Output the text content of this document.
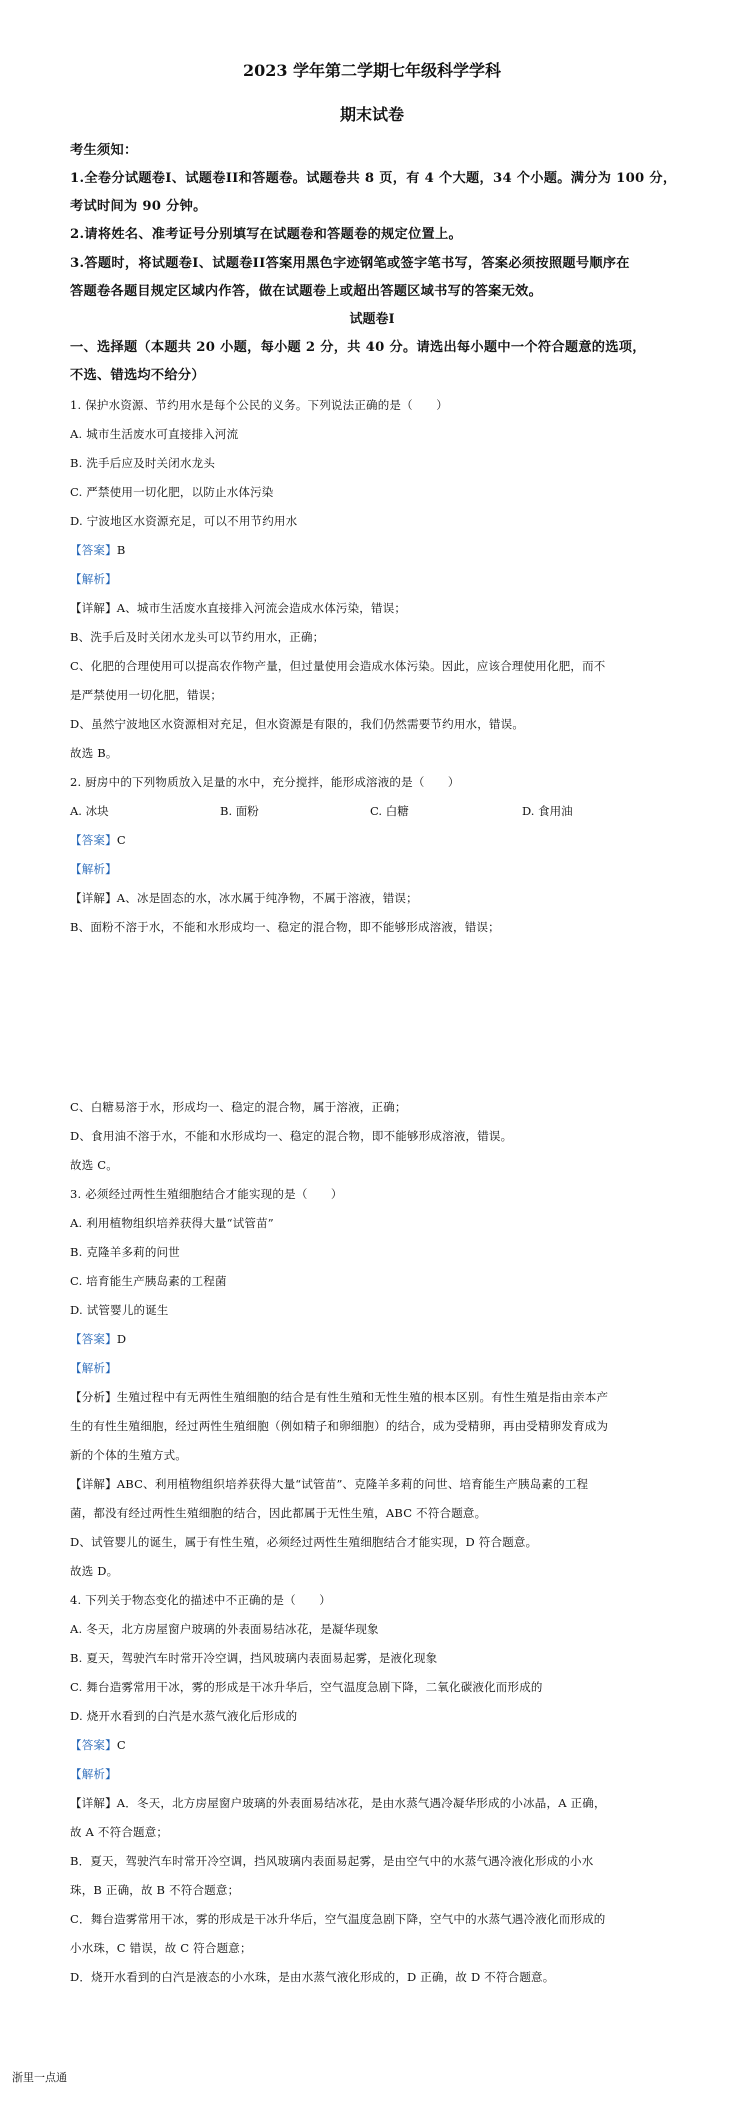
2023 学年第二学期七年级科学学科
期末试卷
考生须知：
1.全卷分试题卷I、试题卷II和答题卷。试题卷共 8 页，有 4 个大题，34 个小题。满分为 100 分，
考试时间为 90 分钟。
2.请将姓名、准考证号分别填写在试题卷和答题卷的规定位置上。
3.答题时，将试题卷I、试题卷II答案用黑色字迹钢笔或签字笔书写，答案必须按照题号顺序在
答题卷各题目规定区域内作答，做在试题卷上或超出答题区域书写的答案无效。
试题卷I
一、选择题（本题共 20 小题，每小题 2 分，共 40 分。请选出每小题中一个符合题意的选项，
不选、错选均不给分）
1. 保护水资源、节约用水是每个公民的义务。下列说法正确的是（　　）
A. 城市生活废水可直接排入河流
B. 洗手后应及时关闭水龙头
C. 严禁使用一切化肥，以防止水体污染
D. 宁波地区水资源充足，可以不用节约用水
【答案】B
【解析】
【详解】A、城市生活废水直接排入河流会造成水体污染，错误；
B、洗手后及时关闭水龙头可以节约用水，正确；
C、化肥的合理使用可以提高农作物产量，但过量使用会造成水体污染。因此，应该合理使用化肥，而不
是严禁使用一切化肥，错误；
D、虽然宁波地区水资源相对充足，但水资源是有限的，我们仍然需要节约用水，错误。
故选 B。
2. 厨房中的下列物质放入足量的水中，充分搅拌，能形成溶液的是（　　）
A. 冰块	B. 面粉	C. 白糖	D. 食用油
【答案】C
【解析】
【详解】A、冰是固态的水，冰水属于纯净物，不属于溶液，错误；
B、面粉不溶于水，不能和水形成均一、稳定的混合物，即不能够形成溶液，错误；
C、白糖易溶于水，形成均一、稳定的混合物，属于溶液，正确；
D、食用油不溶于水，不能和水形成均一、稳定的混合物，即不能够形成溶液，错误。
故选 C。
3. 必须经过两性生殖细胞结合才能实现的是（　　）
A. 利用植物组织培养获得大量“试管苗”
B. 克隆羊多莉的问世
C. 培育能生产胰岛素的工程菌
D. 试管婴儿的诞生
【答案】D
【解析】
【分析】生殖过程中有无两性生殖细胞的结合是有性生殖和无性生殖的根本区别。有性生殖是指由亲本产
生的有性生殖细胞，经过两性生殖细胞（例如精子和卵细胞）的结合，成为受精卵，再由受精卵发育成为
新的个体的生殖方式。
【详解】ABC、利用植物组织培养获得大量“试管苗”、克隆羊多莉的问世、培育能生产胰岛素的工程
菌，都没有经过两性生殖细胞的结合，因此都属于无性生殖，ABC 不符合题意。
D、试管婴儿的诞生，属于有性生殖，必须经过两性生殖细胞结合才能实现，D 符合题意。
故选 D。
4. 下列关于物态变化的描述中不正确的是（　　）
A. 冬天，北方房屋窗户玻璃的外表面易结冰花，是凝华现象
B. 夏天，驾驶汽车时常开冷空调，挡风玻璃内表面易起雾，是液化现象
C. 舞台造雾常用干冰，雾的形成是干冰升华后，空气温度急剧下降，二氧化碳液化而形成的
D. 烧开水看到的白汽是水蒸气液化后形成的
【答案】C
【解析】
【详解】A．冬天，北方房屋窗户玻璃的外表面易结冰花，是由水蒸气遇冷凝华形成的小冰晶，A 正确，
故 A 不符合题意；
B．夏天，驾驶汽车时常开冷空调，挡风玻璃内表面易起雾，是由空气中的水蒸气遇冷液化形成的小水
珠，B 正确，故 B 不符合题意；
C．舞台造雾常用干冰，雾的形成是干冰升华后，空气温度急剧下降，空气中的水蒸气遇冷液化而形成的
小水珠，C 错误，故 C 符合题意；
D．烧开水看到的白汽是液态的小水珠，是由水蒸气液化形成的，D 正确，故 D 不符合题意。
浙里一点通
